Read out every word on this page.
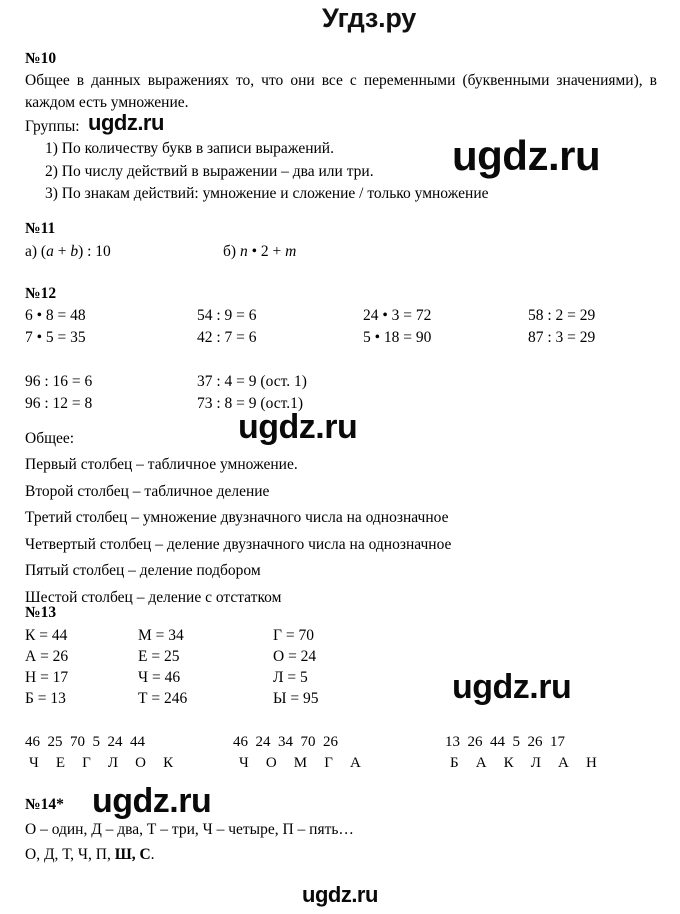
Угдз.ру
ugdz.ru
ugdz.ru
ugdz.ru
ugdz.ru
ugdz.ru
ugdz.ru
№10
Общее в данных выражениях то, что они все с переменными (буквенными значениями), в каждом есть умножение.
Группы:
1) По количеству букв в записи выражений.
2) По числу действий в выражении – два или три.
3) По знакам действий: умножение и сложение / только умножение
№11
а) (a + b) : 10	б) n • 2 + m
№12
6 • 8 = 48	54 : 9 = 6	24 • 3 = 72	58 : 2 = 29
7 • 5 = 35	42 : 7 = 6	5 • 18 = 90	87 : 3 = 29
96 : 16 = 6	37 : 4 = 9 (ост. 1)
96 : 12 = 8	73 : 8 = 9 (ост.1)
Общее:
Первый столбец – табличное умножение.
Второй столбец – табличное деление
Третий столбец – умножение двузначного числа на однозначное
Четвертый столбец – деление двузначного числа на однозначное
Пятый столбец – деление подбором
Шестой столбец – деление с отстатком
№13
К = 44	М = 34	Г = 70
А = 26	Е = 25	О = 24
Н = 17	Ч = 46	Л = 5
Б = 13	Т = 246	Ы = 95
46  25  70  5  24  44
Ч  Е  Г  Л  О  К
46  24  34  70  26
Ч  О  М  Г  А
13  26  44  5  26  17
Б  А  К  Л  А  Н
№14*
О – один, Д – два, Т – три, Ч – четыре, П – пять…
О, Д, Т, Ч, П, Ш, С.
